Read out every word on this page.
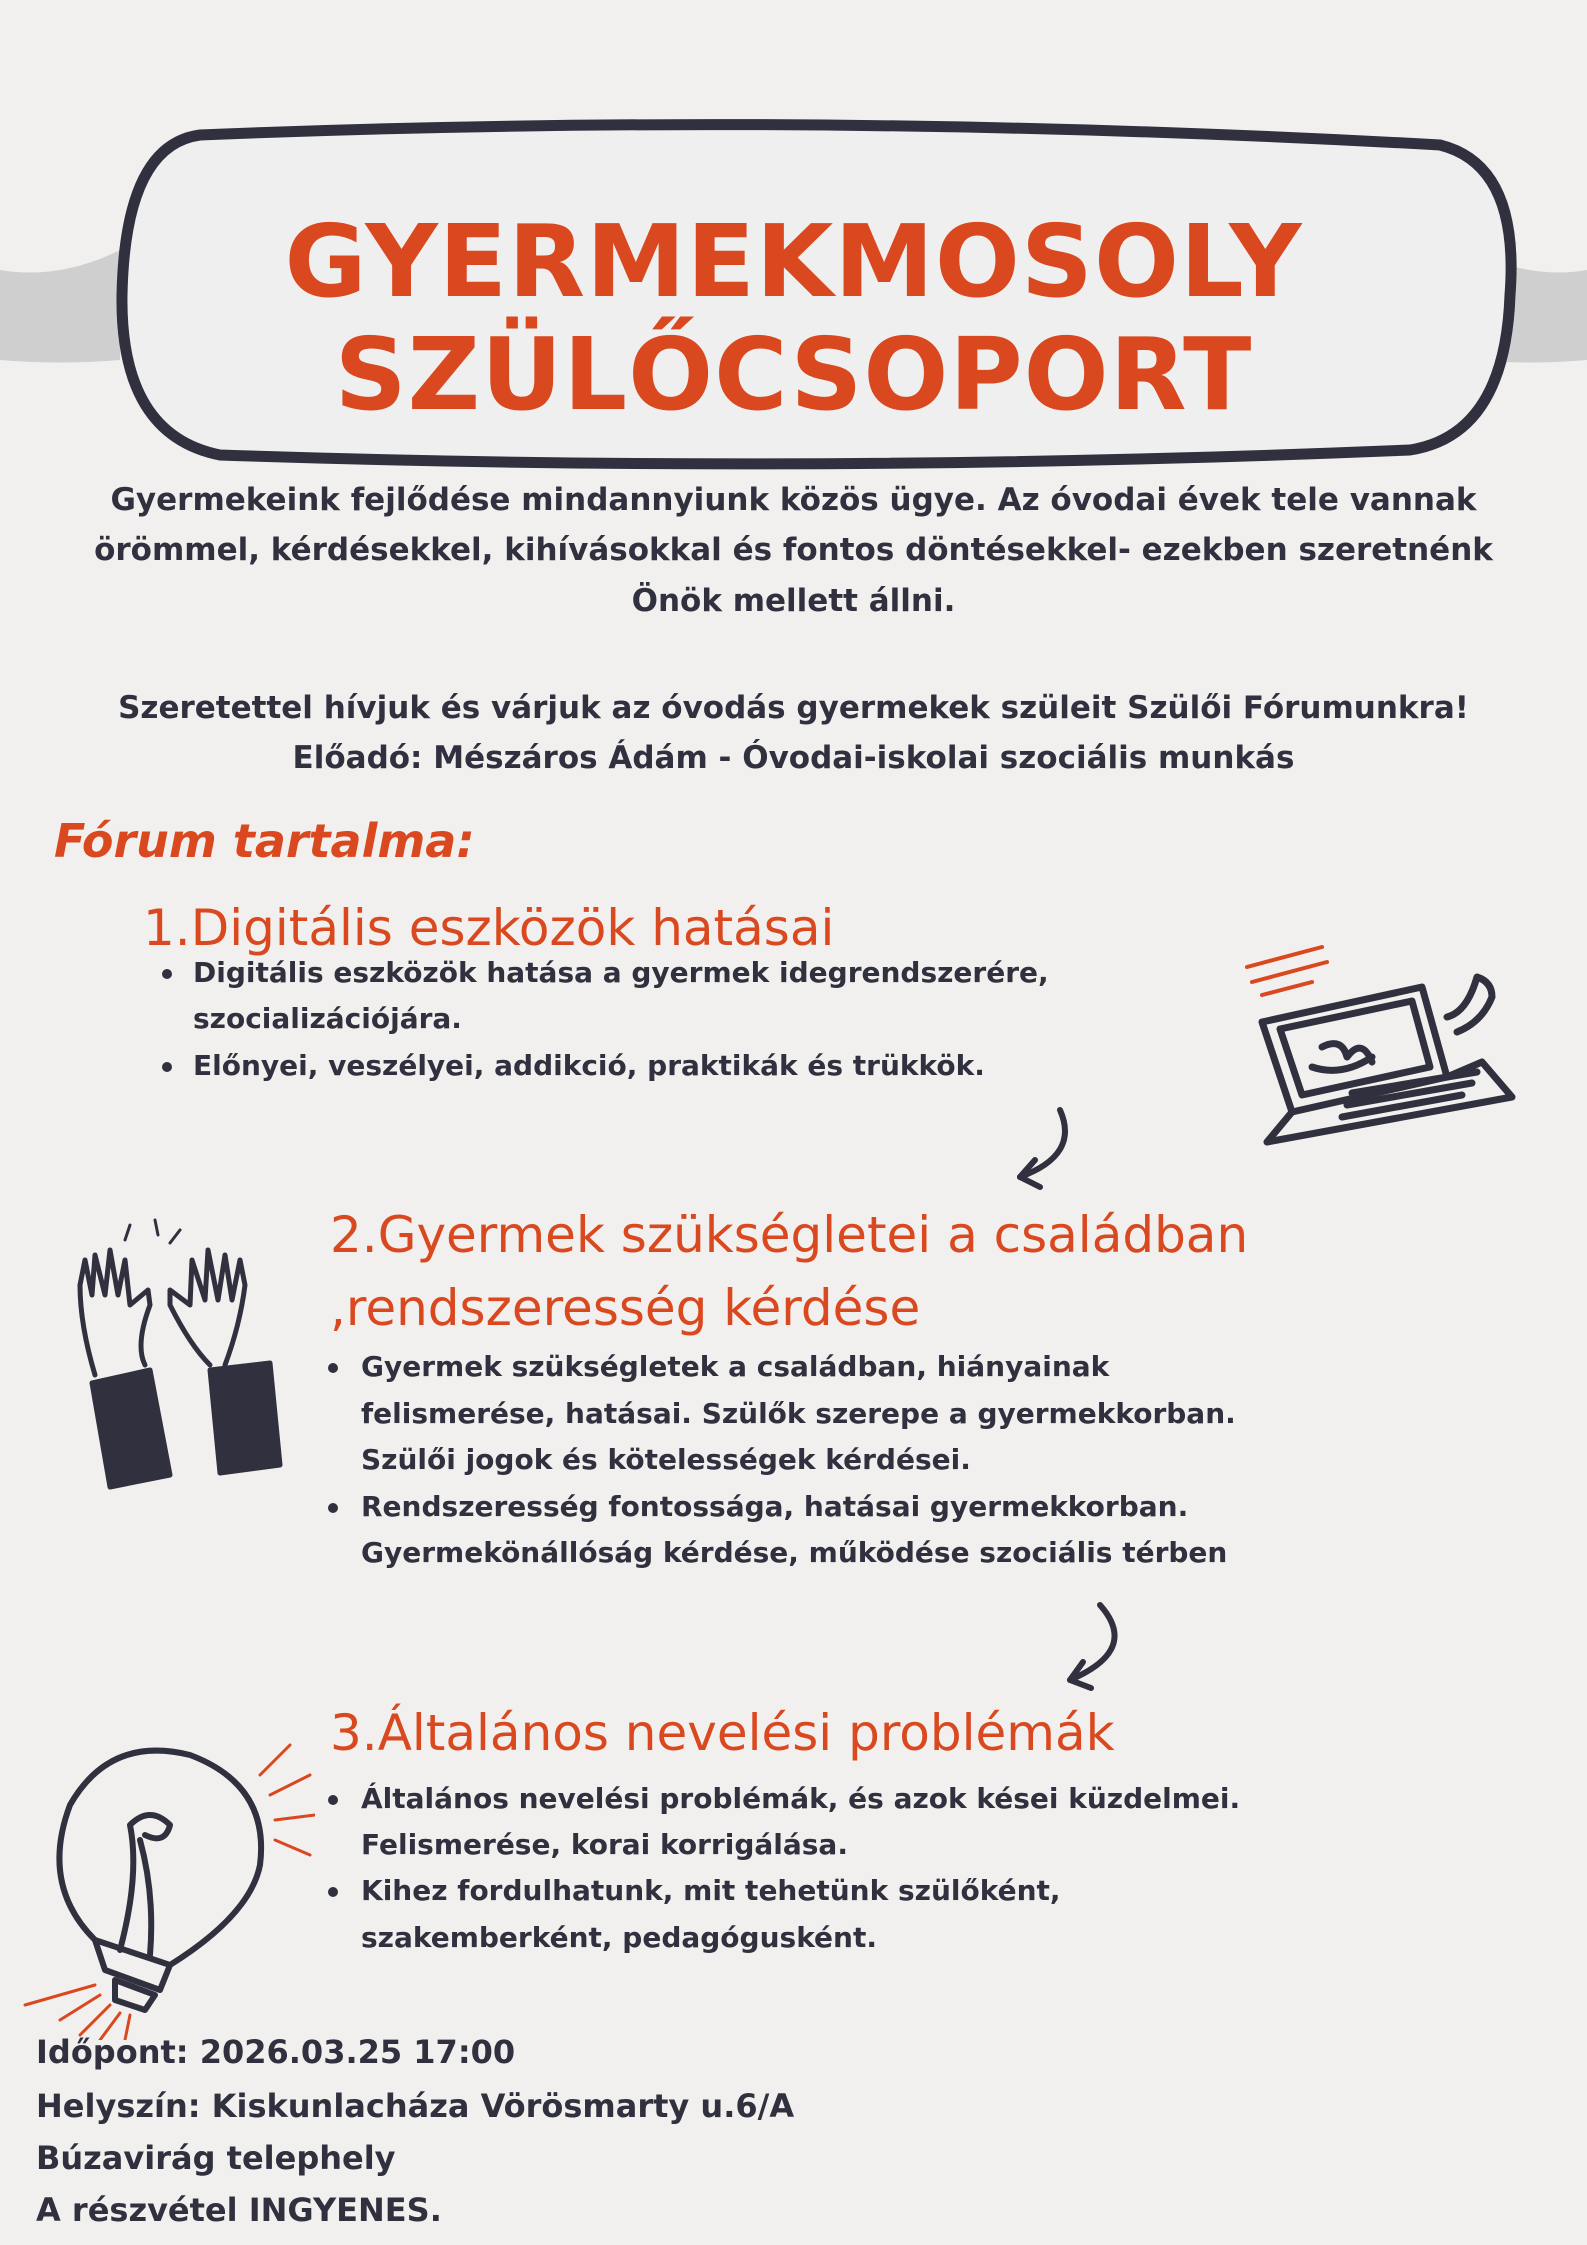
GYERMEKMOSOLY
SZÜLŐCSOPORT
Gyermekeink fejlődése mindannyiunk közös ügye. Az óvodai évek tele vannak
örömmel, kérdésekkel, kihívásokkal és fontos döntésekkel- ezekben szeretnénk
Önök mellett állni.
Szeretettel hívjuk és várjuk az óvodás gyermekek szüleit Szülői Fórumunkra!
Előadó: Mészáros Ádám - Óvodai-iskolai szociális munkás
Fórum tartalma:
1.Digitális eszközök hatásai
Digitális eszközök hatása a gyermek idegrendszerére,
szocializációjára.
Előnyei, veszélyei, addikció, praktikák és trükkök.
2.Gyermek szükségletei a családban
,rendszeresség kérdése
Gyermek szükségletek a családban, hiányainak
felismerése, hatásai. Szülők szerepe a gyermekkorban.
Szülői jogok és kötelességek kérdései.
Rendszeresség fontossága, hatásai gyermekkorban.
Gyermekönállóság kérdése, működése szociális térben
3.Általános nevelési problémák
Általános nevelési problémák, és azok kései küzdelmei.
Felismerése, korai korrigálása.
Kihez fordulhatunk, mit tehetünk szülőként,
szakemberként, pedagógusként.
Időpont: 2026.03.25 17:00
Helyszín: Kiskunlacháza Vörösmarty u.6/A
Búzavirág telephely
A részvétel INGYENES.
